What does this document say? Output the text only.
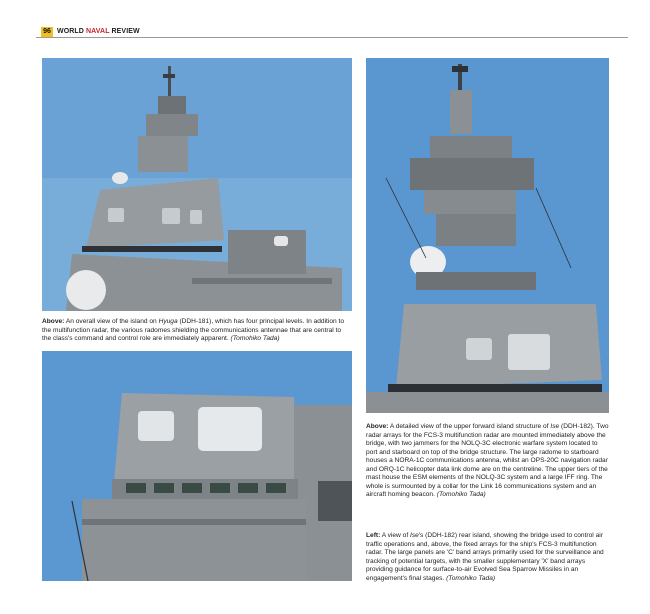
96 WORLD NAVAL REVIEW
Above: An overall view of the island on Hyuga (DDH-181), which has four principal levels. In addition to the multifunction radar, the various radomes shielding the communications antennae that are central to the class's command and control role are immediately apparent. (Tomohiko Tada)
Above: A detailed view of the upper forward island structure of Ise (DDH-182). Two radar arrays for the FCS-3 multifunction radar are mounted immediately above the bridge, with two jammers for the NOLQ-3C electronic warfare system located to port and starboard on top of the bridge structure. The large radome to starboard houses a NORA-1C communications antenna, whilst an OPS-20C navigation radar and ORQ-1C helicopter data link dome are on the centreline. The upper tiers of the mast house the ESM elements of the NOLQ-3C system and a large IFF ring. The whole is surmounted by a collar for the Link 16 communications system and an aircraft homing beacon. (Tomohiko Tada)
Left: A view of Ise's (DDH-182) rear island, showing the bridge used to control air traffic operations and, above, the fixed arrays for the ship's FCS-3 multifunction radar. The large panels are 'C' band arrays primarily used for the surveillance and tracking of potential targets, with the smaller supplementary 'X' band arrays providing guidance for surface-to-air Evolved Sea Sparrow Missiles in an engagement's final stages. (Tomohiko Tada)
